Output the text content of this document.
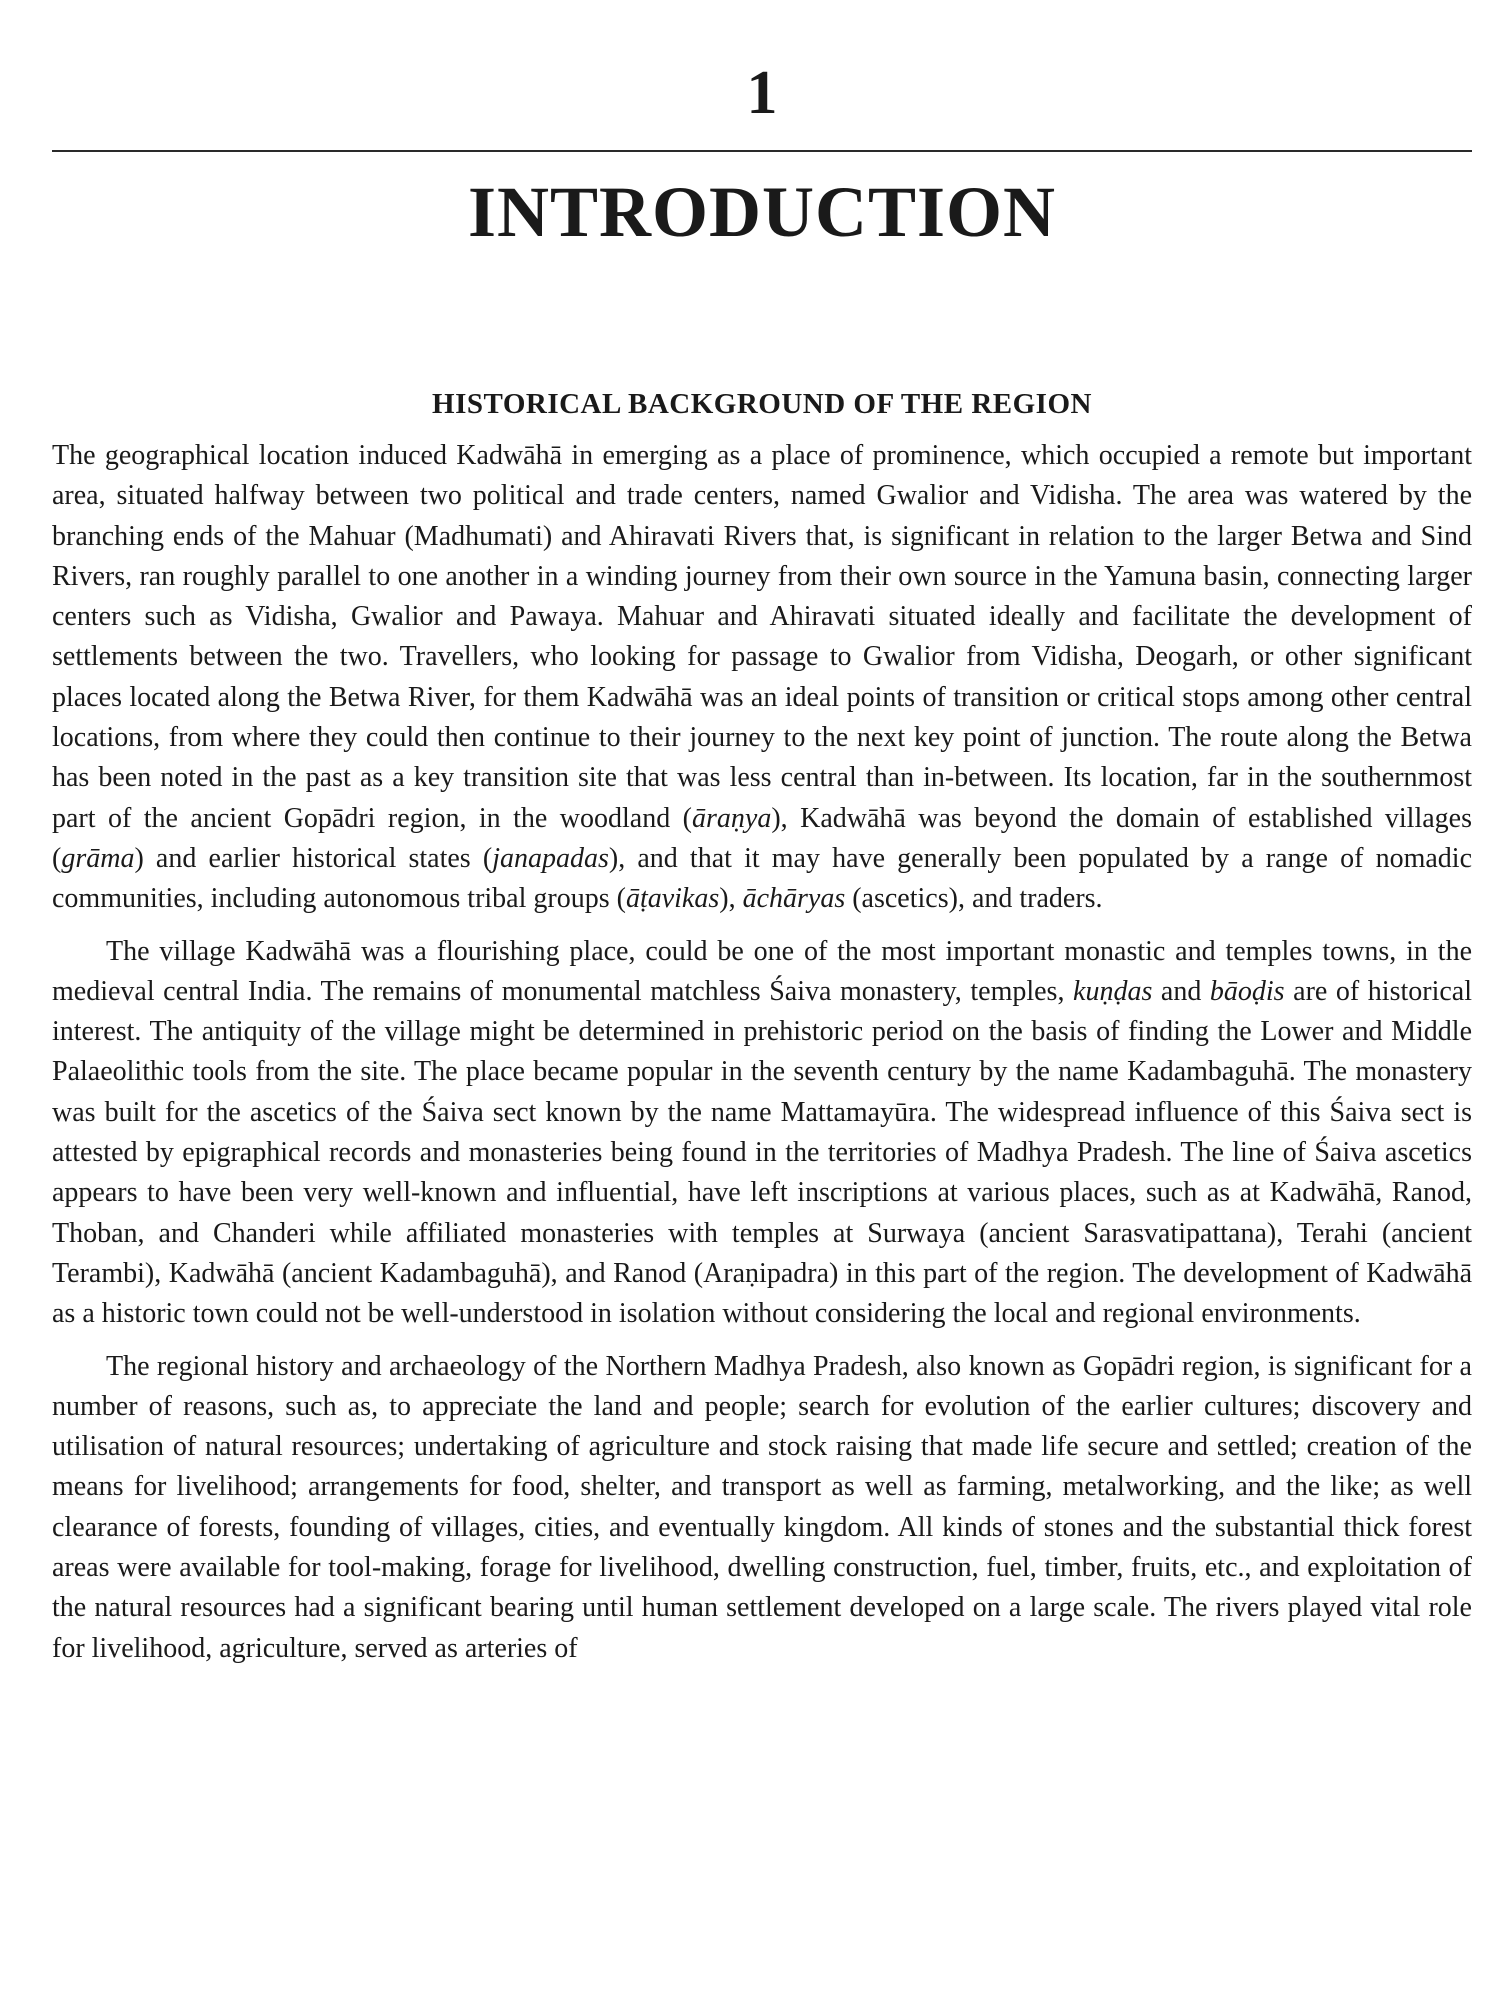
1
INTRODUCTION
HISTORICAL BACKGROUND OF THE REGION

The geographical location induced Kadwāhā in emerging as a place of prominence, which occupied a remote but important area, situated halfway between two political and trade centers, named Gwalior and Vidisha. The area was watered by the branching ends of the Mahuar (Madhumati) and Ahiravati Rivers that, is significant in relation to the larger Betwa and Sind Rivers, ran roughly parallel to one another in a winding journey from their own source in the Yamuna basin, connecting larger centers such as Vidisha, Gwalior and Pawaya. Mahuar and Ahiravati situated ideally and facilitate the development of settlements between the two. Travellers, who looking for passage to Gwalior from Vidisha, Deogarh, or other significant places located along the Betwa River, for them Kadwāhā was an ideal points of transition or critical stops among other central locations, from where they could then continue to their journey to the next key point of junction. The route along the Betwa has been noted in the past as a key transition site that was less central than in-between. Its location, far in the southernmost part of the ancient Gopādri region, in the woodland (āraṇya), Kadwāhā was beyond the domain of established villages (grāma) and earlier historical states (janapadas), and that it may have generally been populated by a range of nomadic communities, including autonomous tribal groups (āṭavikas), āchāryas (ascetics), and traders.

The village Kadwāhā was a flourishing place, could be one of the most important monastic and temples towns, in the medieval central India. The remains of monumental matchless Śaiva monastery, temples, kuṇḍas and bāoḍis are of historical interest. The antiquity of the village might be determined in prehistoric period on the basis of finding the Lower and Middle Palaeolithic tools from the site. The place became popular in the seventh century by the name Kadambaguhā. The monastery was built for the ascetics of the Śaiva sect known by the name Mattamayūra. The widespread influence of this Śaiva sect is attested by epigraphical records and monasteries being found in the territories of Madhya Pradesh. The line of Śaiva ascetics appears to have been very well-known and influential, have left inscriptions at various places, such as at Kadwāhā, Ranod, Thoban, and Chanderi while affiliated monasteries with temples at Surwaya (ancient Sarasvatipattana), Terahi (ancient Terambi), Kadwāhā (ancient Kadambaguhā), and Ranod (Araṇipadra) in this part of the region. The development of Kadwāhā as a historic town could not be well-understood in isolation without considering the local and regional environments.

The regional history and archaeology of the Northern Madhya Pradesh, also known as Gopādri region, is significant for a number of reasons, such as, to appreciate the land and people; search for evolution of the earlier cultures; discovery and utilisation of natural resources; undertaking of agriculture and stock raising that made life secure and settled; creation of the means for livelihood; arrangements for food, shelter, and transport as well as farming, metalworking, and the like; as well clearance of forests, founding of villages, cities, and eventually kingdom. All kinds of stones and the substantial thick forest areas were available for tool-making, forage for livelihood, dwelling construction, fuel, timber, fruits, etc., and exploitation of the natural resources had a significant bearing until human settlement developed on a large scale. The rivers played vital role for livelihood, agriculture, served as arteries of
